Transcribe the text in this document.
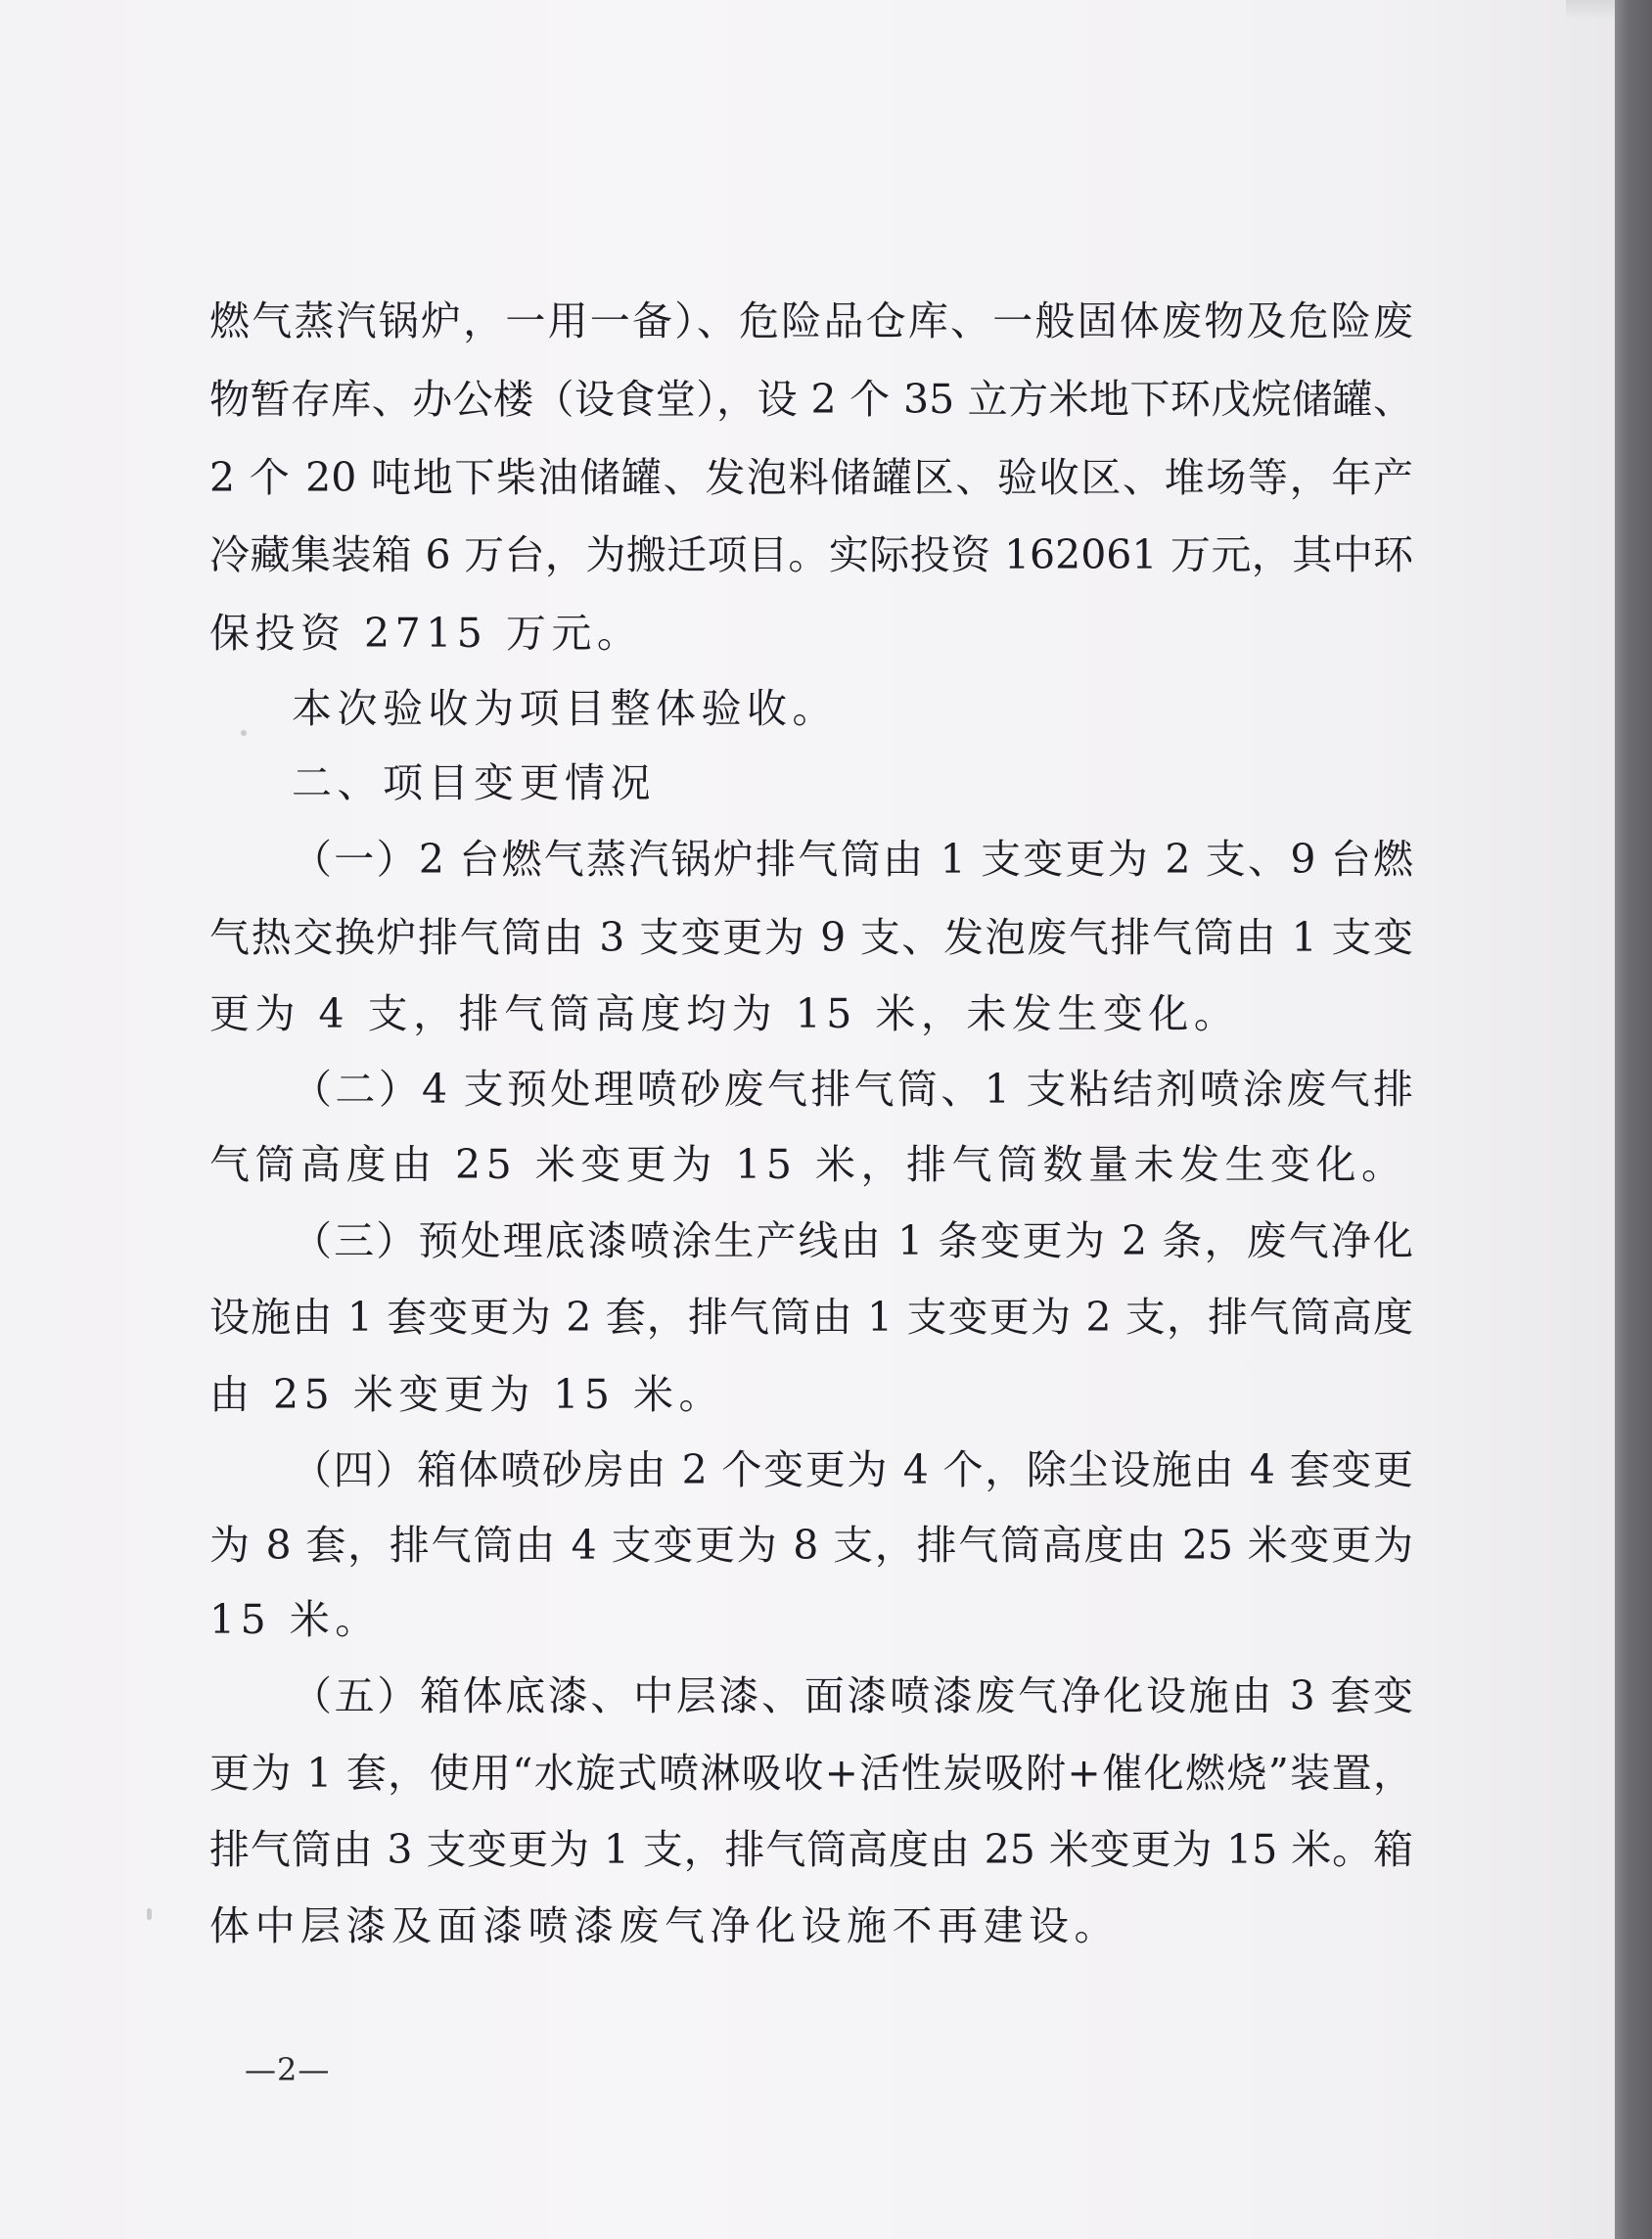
燃气蒸汽锅炉，一用一备）、危险品仓库、一般固体废物及危险废
物暂存库、办公楼（设食堂），设 2 个 35 立方米地下环戊烷储罐、
2 个 20 吨地下柴油储罐、发泡料储罐区、验收区、堆场等，年产
冷藏集装箱 6 万台，为搬迁项目。实际投资 162061 万元，其中环
保投资 2715 万元。
本次验收为项目整体验收。
二、项目变更情况
（一）2 台燃气蒸汽锅炉排气筒由 1 支变更为 2 支、9 台燃
气热交换炉排气筒由 3 支变更为 9 支、发泡废气排气筒由 1 支变
更为 4 支，排气筒高度均为 15 米，未发生变化。
（二）4 支预处理喷砂废气排气筒、1 支粘结剂喷涂废气排
气筒高度由 25 米变更为 15 米，排气筒数量未发生变化。
（三）预处理底漆喷涂生产线由 1 条变更为 2 条，废气净化
设施由 1 套变更为 2 套，排气筒由 1 支变更为 2 支，排气筒高度
由 25 米变更为 15 米。
（四）箱体喷砂房由 2 个变更为 4 个，除尘设施由 4 套变更
为 8 套，排气筒由 4 支变更为 8 支，排气筒高度由 25 米变更为
15 米。
（五）箱体底漆、中层漆、面漆喷漆废气净化设施由 3 套变
更为 1 套，使用“水旋式喷淋吸收+活性炭吸附+催化燃烧”装置，
排气筒由 3 支变更为 1 支，排气筒高度由 25 米变更为 15 米。箱
体中层漆及面漆喷漆废气净化设施不再建设。
—2—
